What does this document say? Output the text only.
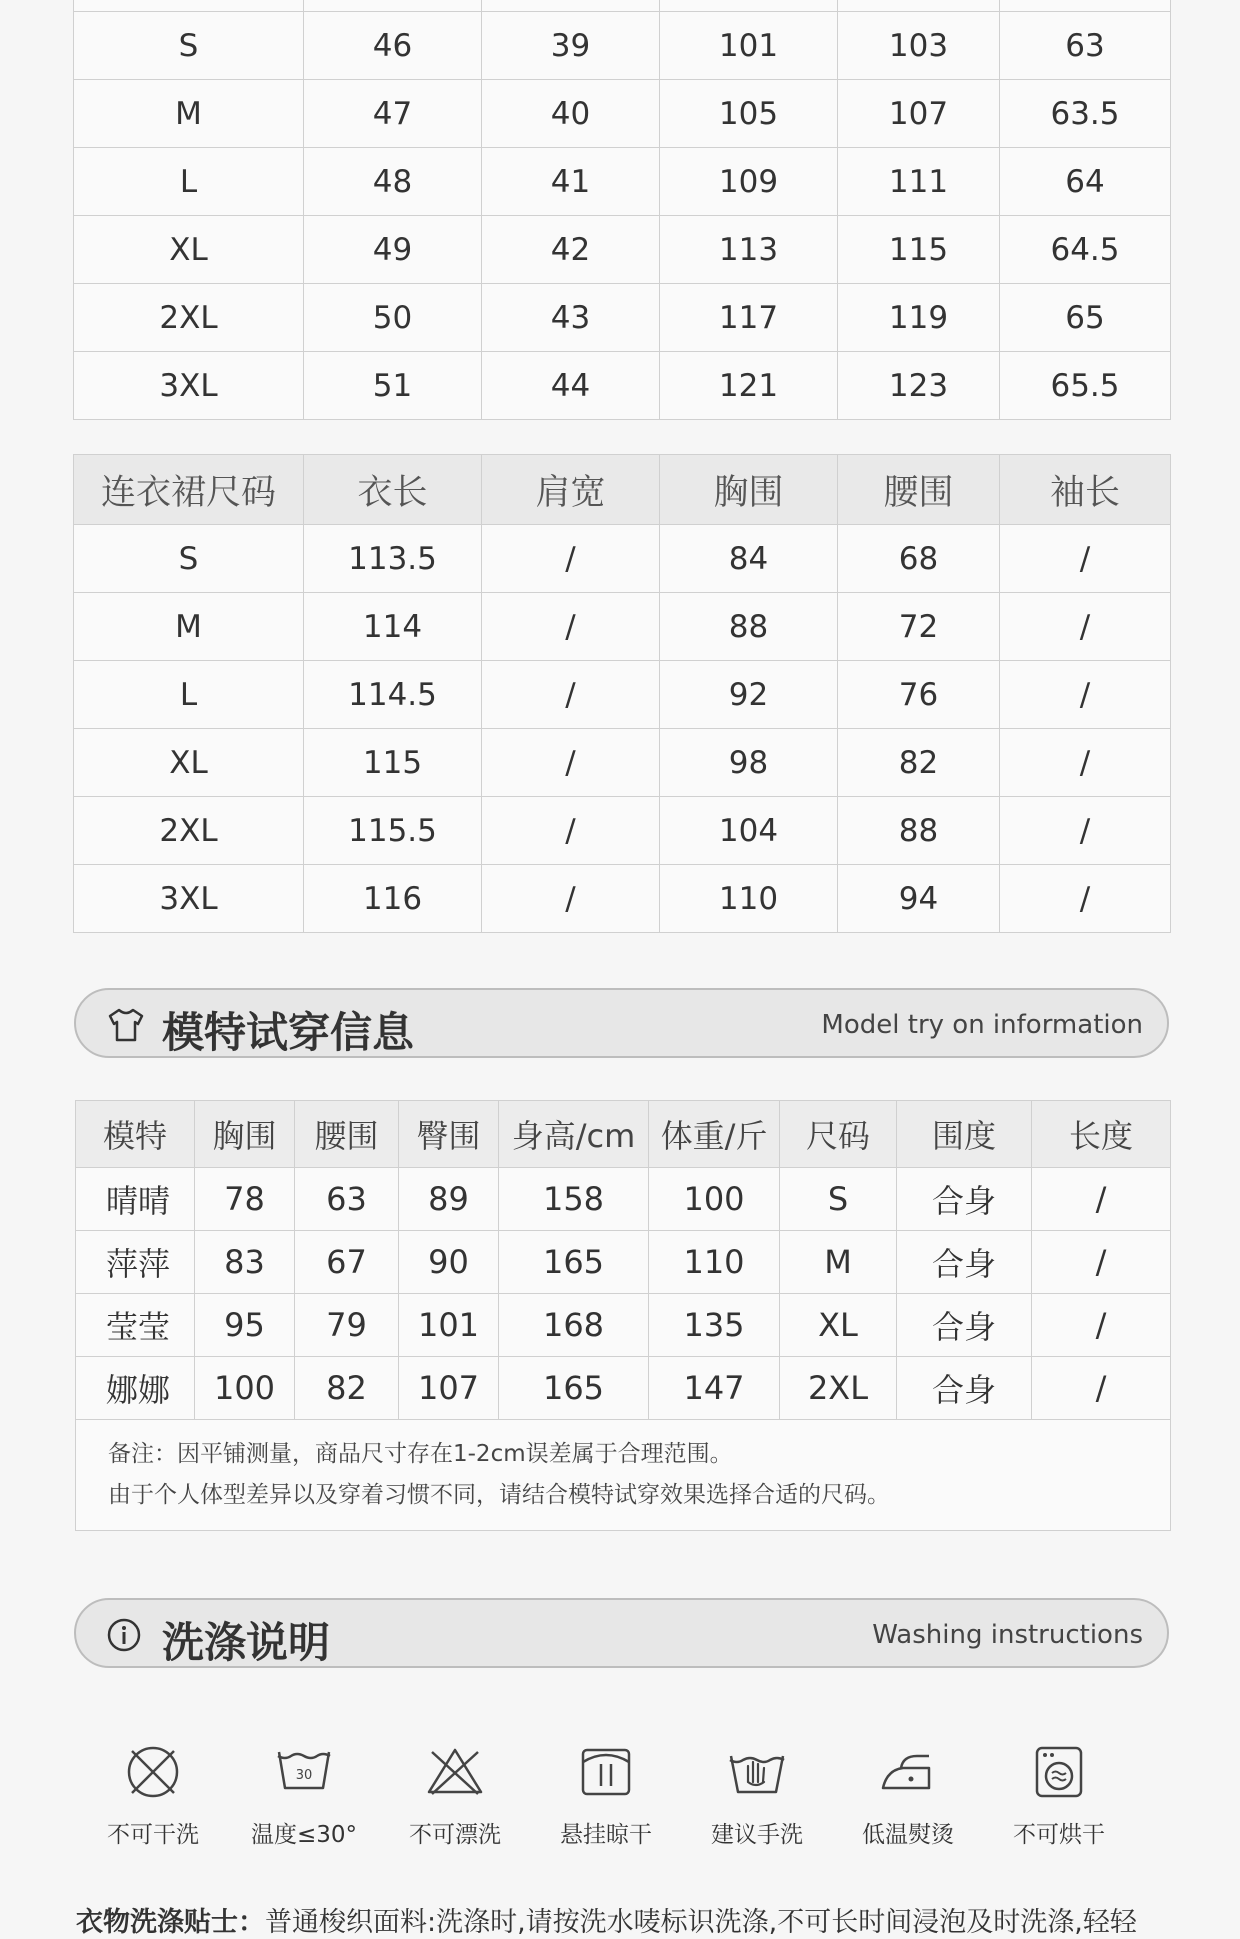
S	46	39	101	103	63
M	47	40	105	107	63.5
L	48	41	109	111	64
XL	49	42	113	115	64.5
2XL	50	43	117	119	65
3XL	51	44	121	123	65.5
连衣裙尺码	衣长	肩宽	胸围	腰围	袖长
S	113.5	/	84	68	/
M	114	/	88	72	/
L	114.5	/	92	76	/
XL	115	/	98	82	/
2XL	115.5	/	104	88	/
3XL	116	/	110	94	/
模特试穿信息	Model try on information
模特	胸围	腰围	臀围	身高/cm	体重/斤	尺码	围度	长度
晴晴	78	63	89	158	100	S	合身	/
萍萍	83	67	90	165	110	M	合身	/
莹莹	95	79	101	168	135	XL	合身	/
娜娜	100	82	107	165	147	2XL	合身	/

备注：因平铺测量，商品尺寸存在1-2cm误差属于合理范围。
由于个人体型差异以及穿着习惯不同，请结合模特试穿效果选择合适的尺码。								
洗涤说明	Washing instructions
不可干洗
30
温度≤30°	不可漂洗	悬挂晾干	建议手洗	低温熨烫	不可烘干
衣物洗涤贴士：普通梭织面料:洗涤时,请按洗水唛标识洗涤,不可长时间浸泡及时洗涤,轻轻
